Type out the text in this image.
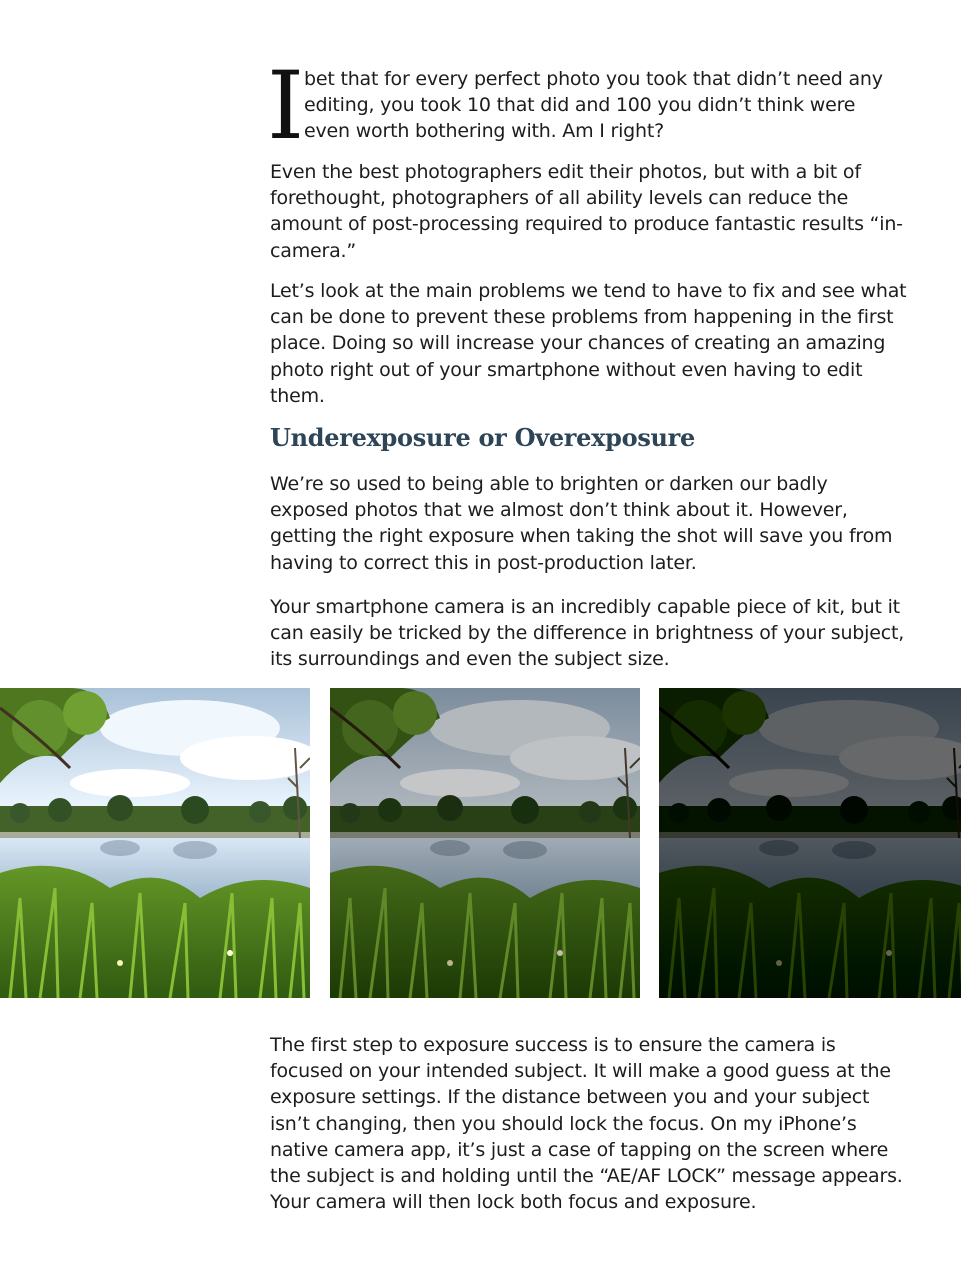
I bet that for every perfect photo you took that didn’t need any editing, you took 10 that did and 100 you didn’t think were even worth bothering with. Am I right?

Even the best photographers edit their photos, but with a bit of forethought, photographers of all ability levels can reduce the amount of post-processing required to produce fantastic results “in-camera.”

Let’s look at the main problems we tend to have to fix and see what can be done to prevent these problems from happening in the first place. Doing so will increase your chances of creating an amazing photo right out of your smartphone without even having to edit them.

Underexposure or Overexposure

We’re so used to being able to brighten or darken our badly exposed photos that we almost don’t think about it. However, getting the right exposure when taking the shot will save you from having to correct this in post-production later.

Your smartphone camera is an incredibly capable piece of kit, but it can easily be tricked by the difference in brightness of your subject, its surroundings and even the subject size.

The first step to exposure success is to ensure the camera is focused on your intended subject. It will make a good guess at the exposure settings. If the distance between you and your subject isn’t changing, then you should lock the focus. On my iPhone’s native camera app, it’s just a case of tapping on the screen where the subject is and holding until the “AE/AF LOCK” message appears. Your camera will then lock both focus and exposure.
